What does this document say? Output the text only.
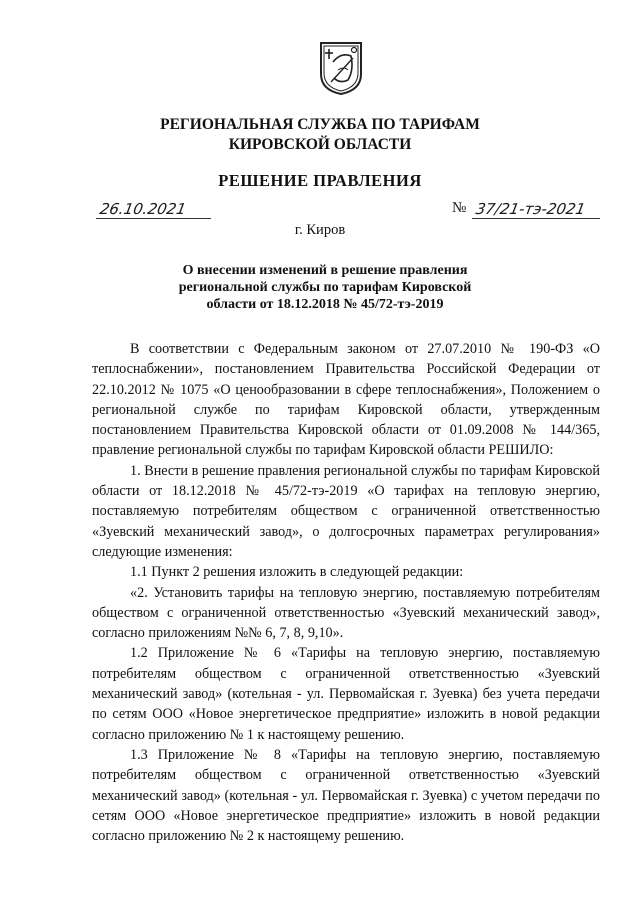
РЕГИОНАЛЬНАЯ СЛУЖБА ПО ТАРИФАМ
КИРОВСКОЙ ОБЛАСТИ
РЕШЕНИЕ ПРАВЛЕНИЯ
26.10.2021	№ 37/21-тэ-2021
г. Киров
О внесении изменений в решение правления
региональной службы по тарифам Кировской
области от 18.12.2018 № 45/72-тэ-2019

В соответствии с Федеральным законом от 27.07.2010 № 190-ФЗ «О теплоснабжении», постановлением Правительства Российской Федерации от 22.10.2012 № 1075 «О ценообразовании в сфере теплоснабжения», Положением о региональной службе по тарифам Кировской области, утвержденным постановлением Правительства Кировской области от 01.09.2008 № 144/365, правление региональной службы по тарифам Кировской области РЕШИЛО:

1. Внести в решение правления региональной службы по тарифам Кировской области от 18.12.2018 № 45/72-тэ-2019 «О тарифах на тепловую энергию, поставляемую потребителям обществом с ограниченной ответственностью «Зуевский механический завод», о долгосрочных параметрах регулирования» следующие изменения:

1.1 Пункт 2 решения изложить в следующей редакции:

«2. Установить тарифы на тепловую энергию, поставляемую потребителям обществом с ограниченной ответственностью «Зуевский механический завод», согласно приложениям №№ 6, 7, 8, 9,10».

1.2 Приложение № 6 «Тарифы на тепловую энергию, поставляемую потребителям обществом с ограниченной ответственностью «Зуевский механический завод» (котельная - ул. Первомайская г. Зуевка) без учета передачи по сетям ООО «Новое энергетическое предприятие» изложить в новой редакции согласно приложению № 1 к настоящему решению.

1.3 Приложение № 8 «Тарифы на тепловую энергию, поставляемую потребителям обществом с ограниченной ответственностью «Зуевский механический завод» (котельная - ул. Первомайская г. Зуевка) с учетом передачи по сетям ООО «Новое энергетическое предприятие» изложить в новой редакции согласно приложению № 2 к настоящему решению.
